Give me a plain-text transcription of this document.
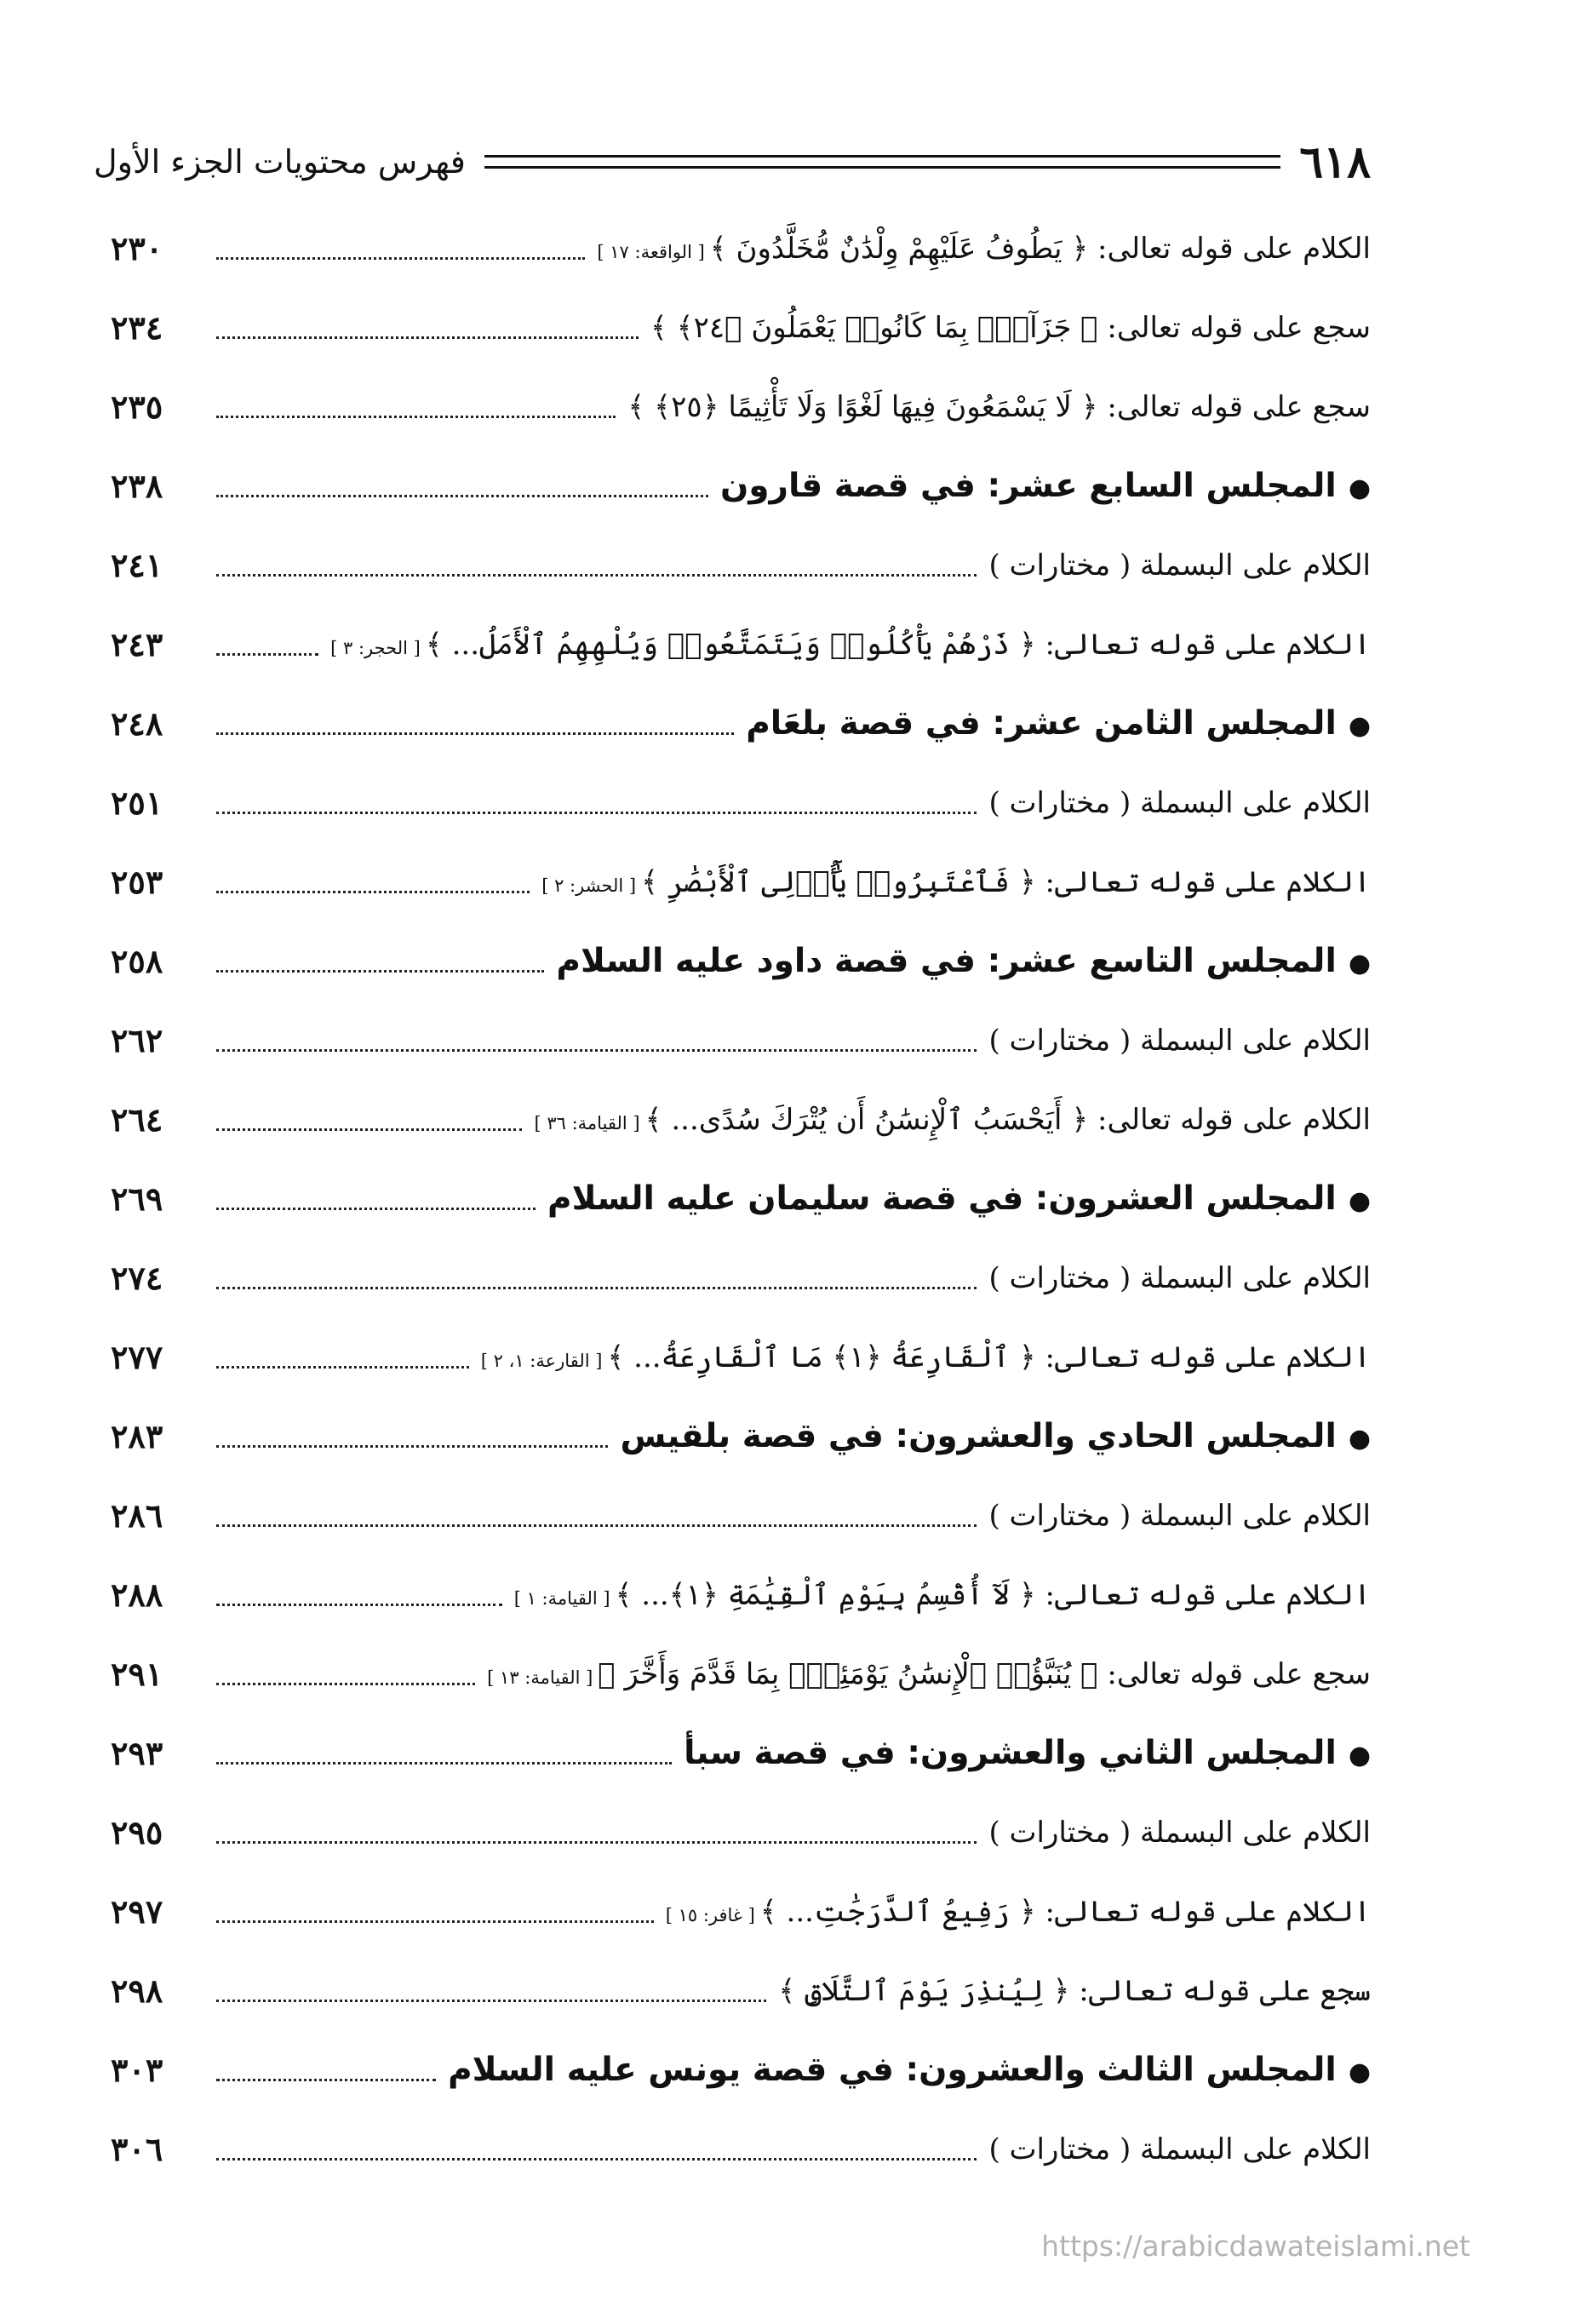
٦١٨
فهرس محتويات الجزء الأول
الكلام على قوله تعالى: ﴿ يَطُوفُ عَلَيْهِمْ وِلْدَٰنٌ مُّخَلَّدُونَ ﴾[ الواقعة: ١٧ ]
٢٣٠
سجع على قوله تعالى: ﴿ جَزَآءًۢ بِمَا كَانُوا۟ يَعْمَلُونَ ﴿٢٤﴾ ﴾
٢٣٤
سجع على قوله تعالى: ﴿ لَا يَسْمَعُونَ فِيهَا لَغْوًا وَلَا تَأْثِيمًا ﴿٢٥﴾ ﴾
٢٣٥
●المجلس السابع عشر: في قصة قارون
٢٣٨
الكلام على البسملة ( مختارات )
٢٤١
الكلام على قوله تعالى: ﴿ ذَرْهُمْ يَأْكُلُوا۟ وَيَتَمَتَّعُوا۟ وَيُلْهِهِمُ ٱلْأَمَلُ... ﴾[ الحجر: ٣ ]
٢٤٣
●المجلس الثامن عشر: في قصة بلعَام
٢٤٨
الكلام على البسملة ( مختارات )
٢٥١
الكلام على قوله تعالى: ﴿ فَٱعْتَبِرُوا۟ يَٰٓأُو۟لِى ٱلْأَبْصَٰرِ ﴾[ الحشر: ٢ ]
٢٥٣
●المجلس التاسع عشر: في قصة داود عليه السلام
٢٥٨
الكلام على البسملة ( مختارات )
٢٦٢
الكلام على قوله تعالى: ﴿ أَيَحْسَبُ ٱلْإِنسَٰنُ أَن يُتْرَكَ سُدًى... ﴾[ القيامة: ٣٦ ]
٢٦٤
●المجلس العشرون: في قصة سليمان عليه السلام
٢٦٩
الكلام على البسملة ( مختارات )
٢٧٤
الكلام على قوله تعالى: ﴿ ٱلْقَارِعَةُ ﴿١﴾ مَا ٱلْقَارِعَةُ... ﴾[ القارعة: ١، ٢ ]
٢٧٧
●المجلس الحادي والعشرون: في قصة بلقيس
٢٨٣
الكلام على البسملة ( مختارات )
٢٨٦
الكلام على قوله تعالى: ﴿ لَآ أُقْسِمُ بِيَوْمِ ٱلْقِيَٰمَةِ ﴿١﴾... ﴾[ القيامة: ١ ]
٢٨٨
سجع على قوله تعالى: ﴿ يُنَبَّؤُا۟ ٱلْإِنسَٰنُ يَوْمَئِذٍۭ بِمَا قَدَّمَ وَأَخَّرَ ﴾[ القيامة: ١٣ ]
٢٩١
●المجلس الثاني والعشرون: في قصة سبأ
٢٩٣
الكلام على البسملة ( مختارات )
٢٩٥
الكلام على قوله تعالى: ﴿ رَفِيعُ ٱلدَّرَجَٰتِ... ﴾[ غافر: ١٥ ]
٢٩٧
سجع على قوله تعالى: ﴿ لِيُنذِرَ يَوْمَ ٱلتَّلَاقِ ﴾
٢٩٨
●المجلس الثالث والعشرون: في قصة يونس عليه السلام
٣٠٣
الكلام على البسملة ( مختارات )
٣٠٦
https://arabicdawateislami.net
